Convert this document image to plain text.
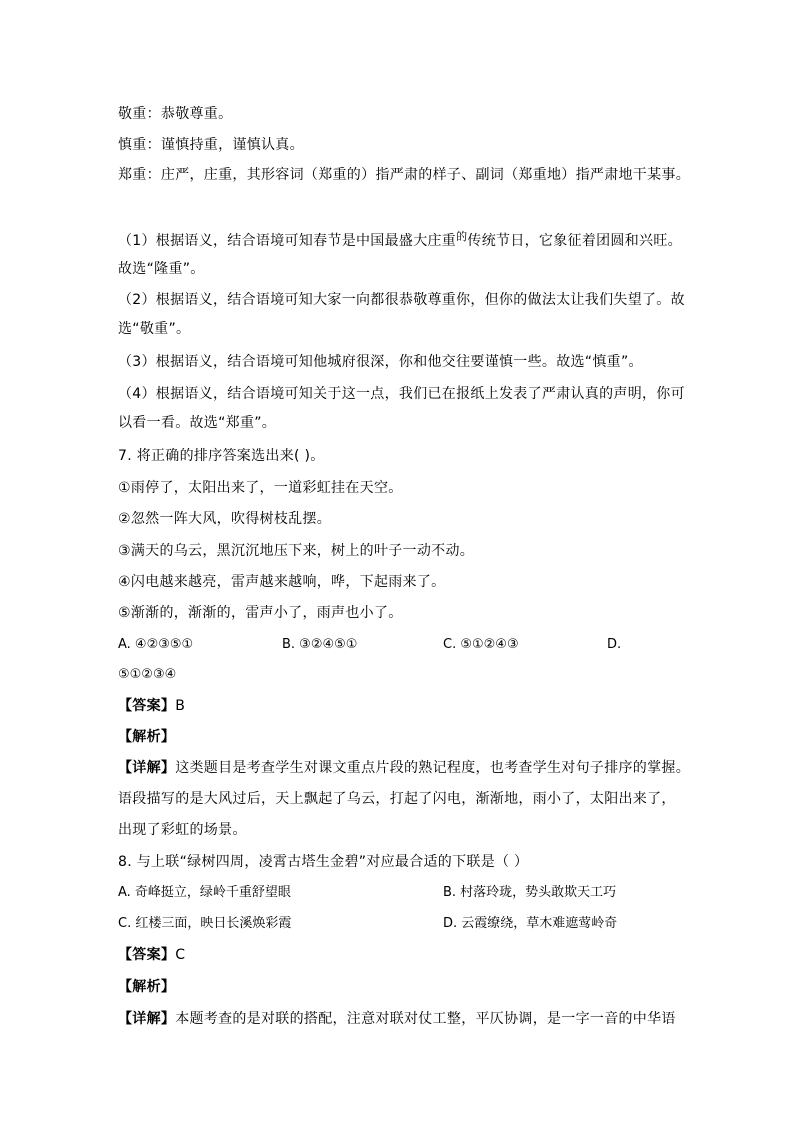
敬重：恭敬尊重。
慎重：谨慎持重，谨慎认真。
郑重：庄严，庄重，其形容词（郑重的）指严肃的样子、副词（郑重地）指严肃地干某事。
（1）根据语义，结合语境可知春节是中国最盛大庄重$^的$传统节日，它象征着团圆和兴旺。
故选“隆重”。
（2）根据语义，结合语境可知大家一向都很恭敬尊重你，但你的做法太让我们失望了。故
选“敬重”。
（3）根据语义，结合语境可知他城府很深，你和他交往要谨慎一些。故选“慎重”。
（4）根据语义，结合语境可知关于这一点，我们已在报纸上发表了严肃认真的声明，你可
以看一看。故选“郑重”。
7. 将正确的排序答案选出来( )。
①雨停了，太阳出来了，一道彩虹挂在天空。
②忽然一阵大风，吹得树枝乱摆。
③满天的乌云，黑沉沉地压下来，树上的叶子一动不动。
④闪电越来越亮，雷声越来越响，哗，下起雨来了。
⑤渐渐的，渐渐的，雷声小了，雨声也小了。
A. ④②③⑤①	B. ③②④⑤①	C. ⑤①②④③	D.
⑤①②③④
【答案】B
【解析】
【详解】这类题目是考查学生对课文重点片段的熟记程度，也考查学生对句子排序的掌握。
语段描写的是大风过后，天上飘起了乌云，打起了闪电，渐渐地，雨小了，太阳出来了，
出现了彩虹的场景。
8. 与上联“绿树四周，凌霄古塔生金碧”对应最合适的下联是（ ）
A. 奇峰挺立，绿岭千重舒望眼	B. 村落玲珑，势头敢欺天工巧
C. 红楼三面，映日长溪焕彩霞	D. 云霞缭绕，草木难遮莺岭奇
【答案】C
【解析】
【详解】本题考查的是对联的搭配，注意对联对仗工整，平仄协调，是一字一音的中华语
